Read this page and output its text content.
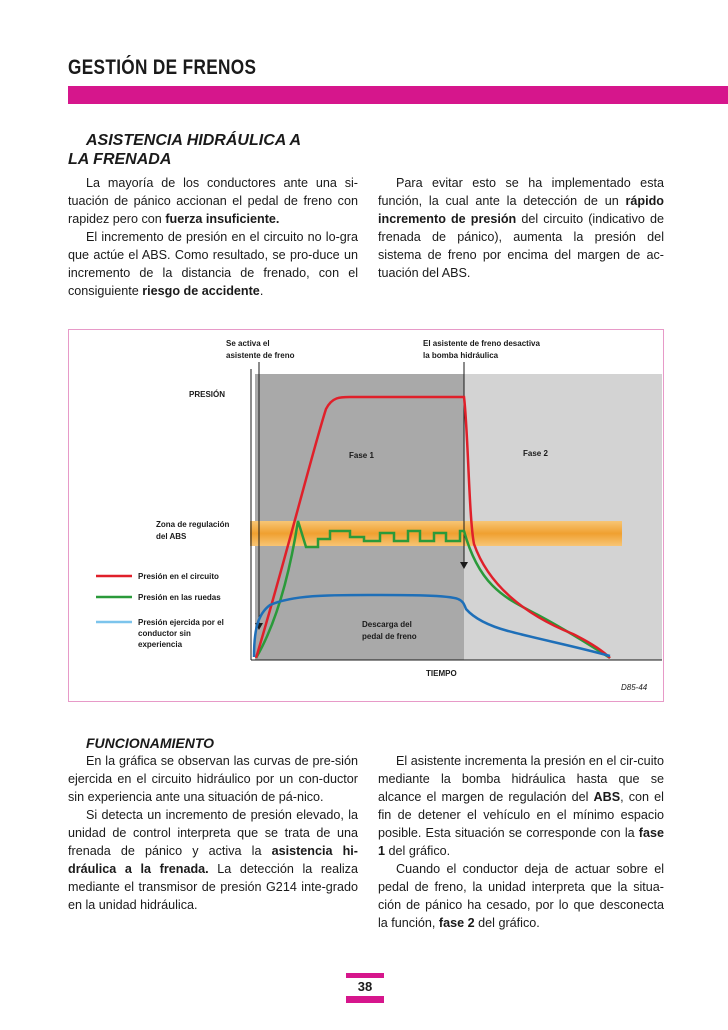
GESTIÓN DE FRENOS
ASISTENCIA HIDRÁULICA A
LA FRENADA

La mayoría de los conductores ante una si-tuación de pánico accionan el pedal de freno con rapidez pero con fuerza insuficiente.

El incremento de presión en el circuito no lo-gra que actúe el ABS. Como resultado, se pro-duce un incremento de la distancia de frenado, con el consiguiente riesgo de accidente.

Para evitar esto se ha implementado esta función, la cual ante la detección de un rápido incremento de presión del circuito (indicativo de frenada de pánico), aumenta la presión del sistema de freno por encima del margen de ac-tuación del ABS.

Se activa el
asistente de freno
El asistente de freno desactiva
la bomba hidráulica
PRESIÓN
Fase 1	Fase 2
Zona de regulación
del ABS
Descarga del
pedal de freno
TIEMPO
D85-44
Presión en el circuito
Presión en las ruedas
Presión ejercida por el
conductor sin
experiencia
FUNCIONAMIENTO

En la gráfica se observan las curvas de pre-sión ejercida en el circuito hidráulico por un con-ductor sin experiencia ante una situación de pá-nico.

Si detecta un incremento de presión elevado, la unidad de control interpreta que se trata de una frenada de pánico y activa la asistencia hi-dráulica a la frenada. La detección la realiza mediante el transmisor de presión G214 inte-grado en la unidad hidráulica.

El asistente incrementa la presión en el cir-cuito mediante la bomba hidráulica hasta que se alcance el margen de regulación del ABS, con el fin de detener el vehículo en el mínimo espacio posible. Esta situación se corresponde con la fase 1 del gráfico.

Cuando el conductor deja de actuar sobre el pedal de freno, la unidad interpreta que la situa-ción de pánico ha cesado, por lo que desconecta la función, fase 2 del gráfico.

38
